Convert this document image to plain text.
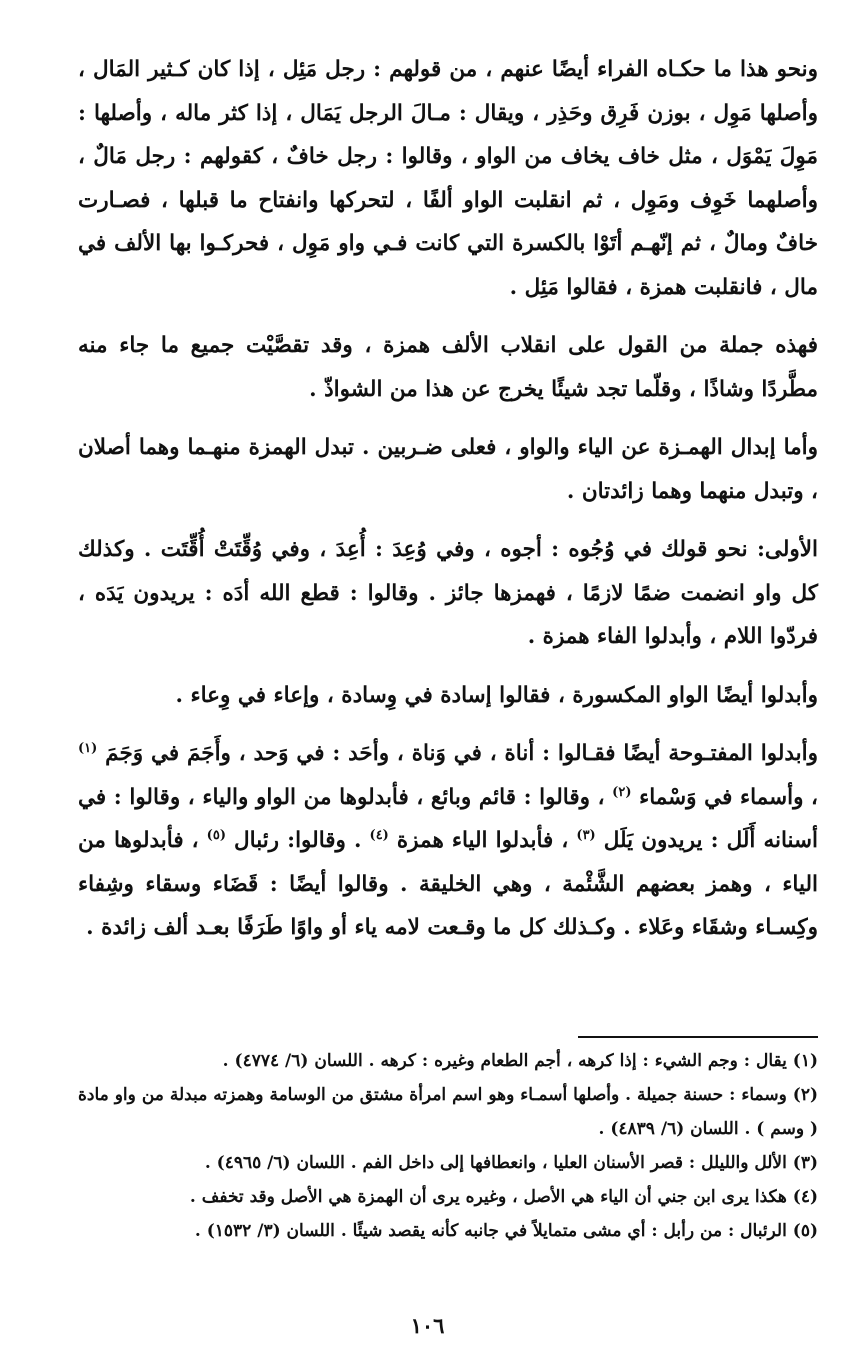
ونحو هذا ما حكـاه الفراء أيضًا عنهم ، من قولهم : رجل مَئِل ، إذا كان كـثير المَال ، وأصلها مَوِل ، بوزن فَرِق وحَذِر ، ويقال : مـالَ الرجل يَمَال ، إذا كثر ماله ، وأصلها : مَوِلَ يَمْوَل ، مثل خاف يخاف من الواو ، وقالوا : رجل خافٌ ، كقولهم : رجل مَالٌ ، وأصلهما خَوِف ومَوِل ، ثم انقلبت الواو ألفًا ، لتحركها وانفتاح ما قبلها ، فصـارت خافٌ ومالٌ ، ثم إنّهـم أتَوْا بالكسرة التي كانت فـي واو مَوِل ، فحركـوا بها الألف في مال ، فانقلبت همزة ، فقالوا مَئِل .

فهذه جملة من القول على انقلاب الألف همزة ، وقد تقصَّيْت جميع ما جاء منه مطَّردًا وشاذًا ، وقلّما تجد شيئًا يخرج عن هذا من الشواذّ .

وأما إبدال الهمـزة عن الياء والواو ، فعلى ضـربين . تبدل الهمزة منهـما وهما أصلان ، وتبدل منهما وهما زائدتان .

الأولى: نحو قولك في وُجُوه : أجوه ، وفي وُعِدَ : أُعِدَ ، وفي وُقِّتَتْ أُقِّتَت . وكذلك كل واو انضمت ضمًا لازمًا ، فهمزها جائز . وقالوا : قطع الله أدَه : يريدون يَدَه ، فردّوا اللام ، وأبدلوا الفاء همزة .

وأبدلوا أيضًا الواو المكسورة ، فقالوا إسادة في وِسادة ، وإعاء في وِعاء .

وأبدلوا المفتـوحة أيضًا فقـالوا : أناة ، في وَناة ، وأحَد : في وَحد ، وأَجَمَ في وَجَمَ $^{(١)}$ ، وأسماء في وَسْماء $^{(٢)}$ ، وقالوا : قائم وبائع ، فأبدلوها من الواو والياء ، وقالوا : في أسنانه أَلَل : يريدون يَلَل $^{(٣)}$ ، فأبدلوا الياء همزة $^{(٤)}$ . وقالوا: رئبال $^{(٥)}$ ، فأبدلوها من الياء ، وهمز بعضهم الشَّئْمة ، وهي الخليقة . وقالوا أيضًا : قَضَاء وسقاء وشِفاء وكِسـاء وشقَاء وعَلاء . وكـذلك كل ما وقـعت لامه ياء أو واوًا طَرَفًا بعـد ألف زائدة .

(١) يقال : وجم الشيء : إذا كرهه ، أجم الطعام وغيره : كرهه . اللسان (٦/ ٤٧٧٤) .

(٢) وسماء : حسنة جميلة . وأصلها أسمـاء وهو اسم امرأة مشتق من الوسامة وهمزته مبدلة من واو مادة ( وسم ) . اللسان (٦/ ٤٨٣٩) .

(٣) الألل والليلل : قصر الأسنان العليا ، وانعطافها إلى داخل الفم . اللسان (٦/ ٤٩٦٥) .

(٤) هكذا يرى ابن جني أن الياء هي الأصل ، وغيره يرى أن الهمزة هي الأصل وقد تخفف .

(٥) الرئبال : من رأبل : أي مشى متمايلاً في جانبه كأنه يقصد شيئًا . اللسان (٣/ ١٥٣٢) .

١٠٦
